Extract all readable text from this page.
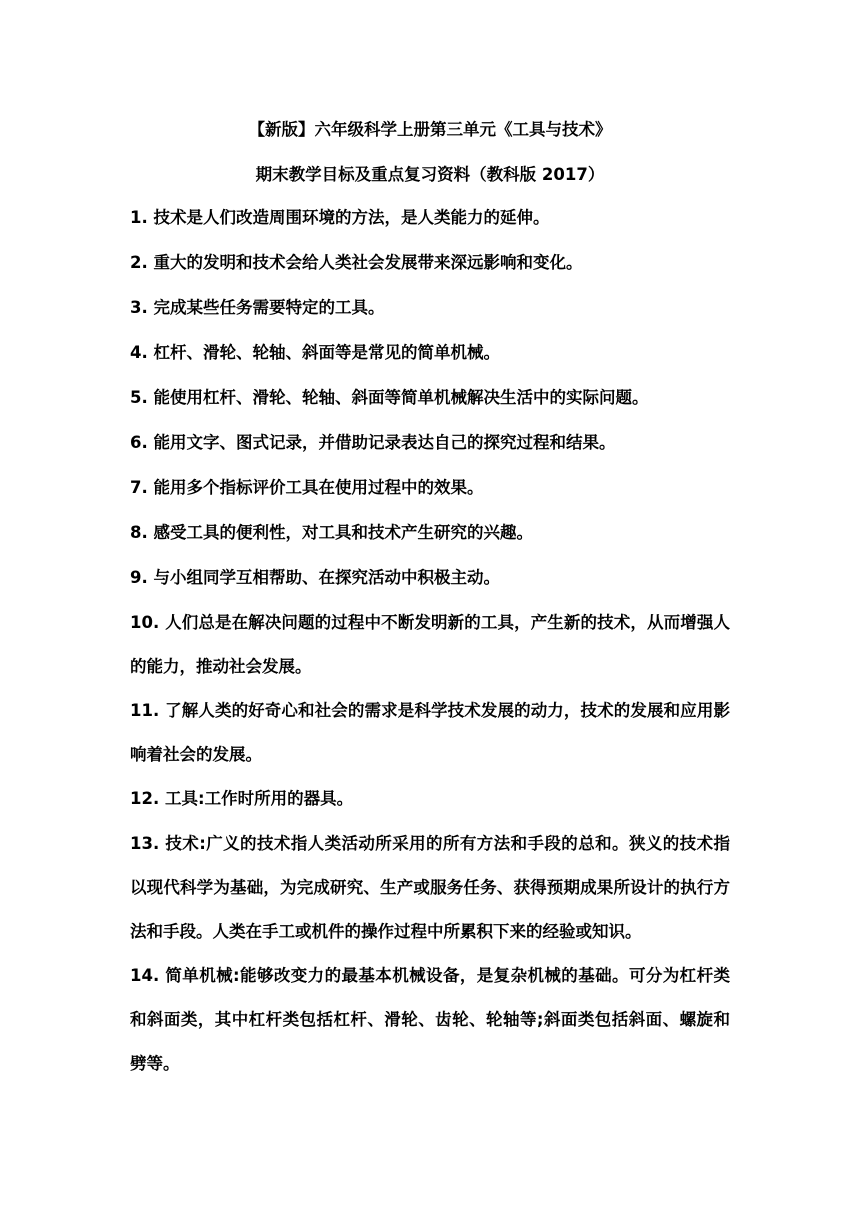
【新版】六年级科学上册第三单元《工具与技术》

期末教学目标及重点复习资料（教科版 2017）

1. 技术是人们改造周围环境的方法，是人类能力的延伸。

2. 重大的发明和技术会给人类社会发展带来深远影响和变化。

3. 完成某些任务需要特定的工具。

4. 杠杆、滑轮、轮轴、斜面等是常见的简单机械。

5. 能使用杠杆、滑轮、轮轴、斜面等简单机械解决生活中的实际问题。

6. 能用文字、图式记录，并借助记录表达自己的探究过程和结果。

7. 能用多个指标评价工具在使用过程中的效果。

8. 感受工具的便利性，对工具和技术产生研究的兴趣。

9. 与小组同学互相帮助、在探究活动中积极主动。

10. 人们总是在解决问题的过程中不断发明新的工具，产生新的技术，从而增强人的能力，推动社会发展。

11. 了解人类的好奇心和社会的需求是科学技术发展的动力，技术的发展和应用影响着社会的发展。

12. 工具:工作时所用的器具。

13. 技术:广义的技术指人类活动所采用的所有方法和手段的总和。狭义的技术指以现代科学为基础，为完成研究、生产或服务任务、获得预期成果所设计的执行方法和手段。人类在手工或机件的操作过程中所累积下来的经验或知识。

14. 简单机械:能够改变力的最基本机械设备，是复杂机械的基础。可分为杠杆类和斜面类，其中杠杆类包括杠杆、滑轮、齿轮、轮轴等;斜面类包括斜面、螺旋和劈等。
